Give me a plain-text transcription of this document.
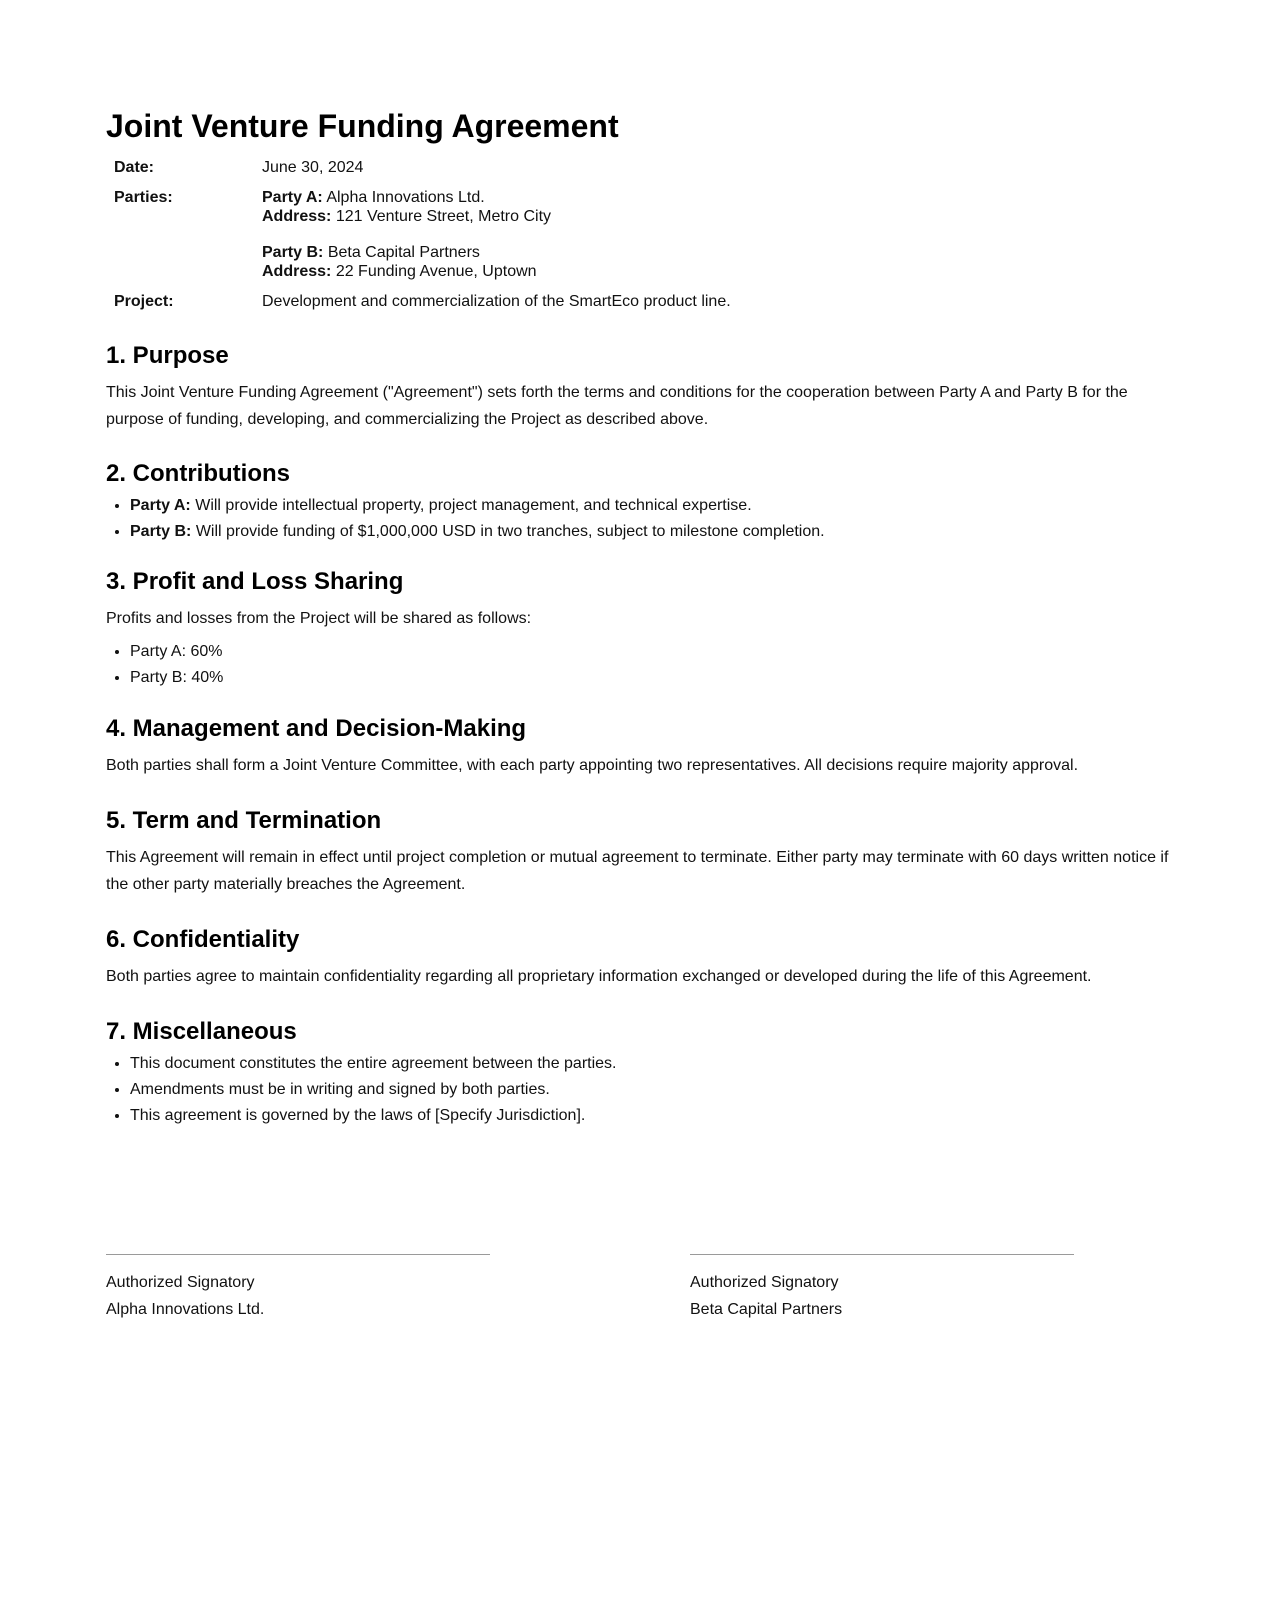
Joint Venture Funding Agreement
Date:	June 30, 2024
Parties:	Party A: Alpha Innovations Ltd.
Address: 121 Venture Street, Metro City
Party B: Beta Capital Partners
Address: 22 Funding Avenue, Uptown

Project:	Development and commercialization of the SmartEco product line.
1. Purpose

This Joint Venture Funding Agreement ("Agreement") sets forth the terms and conditions for the cooperation between Party A and Party B for the purpose of funding, developing, and commercializing the Project as described above.

2. Contributions
• Party A: Will provide intellectual property, project management, and technical expertise.
• Party B: Will provide funding of $1,000,000 USD in two tranches, subject to milestone completion.
3. Profit and Loss Sharing

Profits and losses from the Project will be shared as follows:

• Party A: 60%
• Party B: 40%
4. Management and Decision-Making

Both parties shall form a Joint Venture Committee, with each party appointing two representatives. All decisions require majority approval.

5. Term and Termination

This Agreement will remain in effect until project completion or mutual agreement to terminate. Either party may terminate with 60 days written notice if the other party materially breaches the Agreement.

6. Confidentiality

Both parties agree to maintain confidentiality regarding all proprietary information exchanged or developed during the life of this Agreement.

7. Miscellaneous
• This document constitutes the entire agreement between the parties.
• Amendments must be in writing and signed by both parties.
• This agreement is governed by the laws of [Specify Jurisdiction].
Authorized Signatory
Alpha Innovations Ltd.
Authorized Signatory
Beta Capital Partners
